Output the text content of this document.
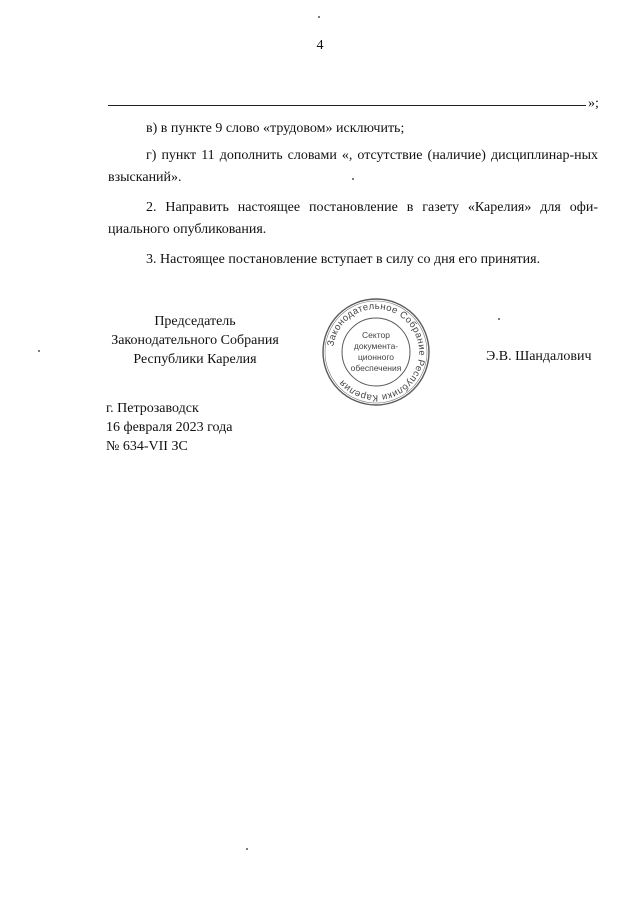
4
»;
в) в пункте 9 слово «трудовом» исключить;
г) пункт 11 дополнить словами «, отсутствие (наличие) дисциплинар-ных взысканий».
2. Направить настоящее постановление в газету «Карелия» для офи-циального опубликования.
3. Настоящее постановление вступает в силу со дня его принятия.
Председатель
Законодательного Собрания
Республики Карелия
Законодательное Собрание Республики Карелия
Сектор
документа-
ционного
обеспечения
Э.В. Шандалович
г. Петрозаводск
16 февраля 2023 года
№ 634-VII ЗС
